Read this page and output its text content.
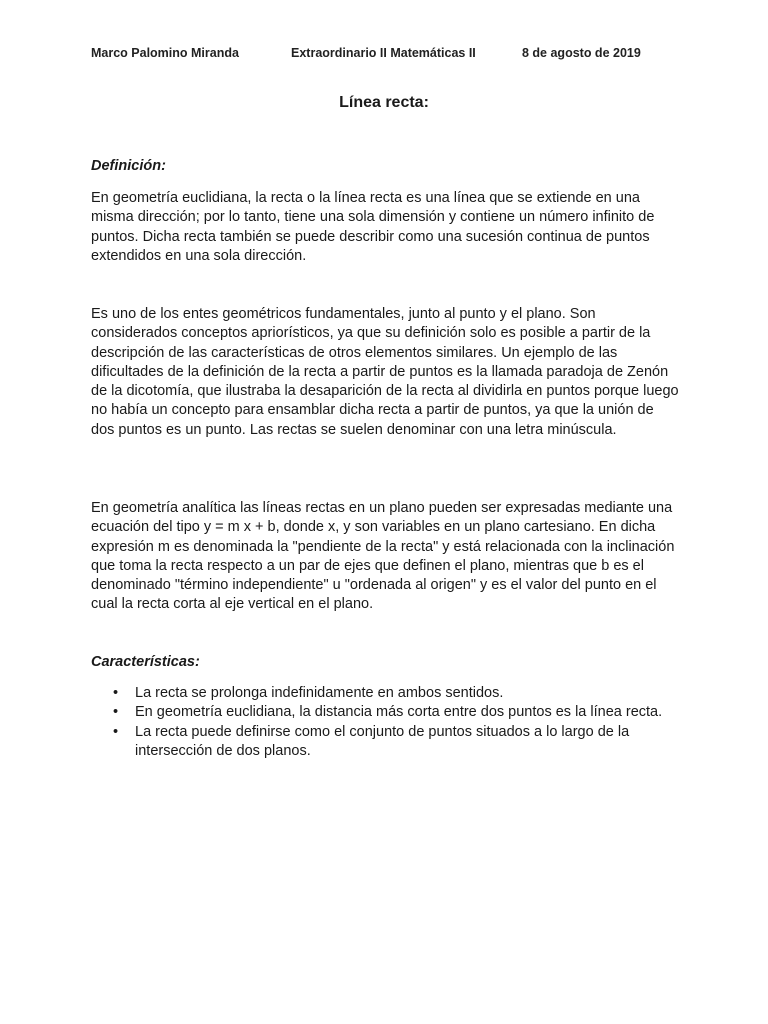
Marco Palomino Miranda	Extraordinario II Matemáticas II	8 de agosto de 2019
Línea recta:
Definición:

En geometría euclidiana, la recta o la línea recta es una línea que se extiende en una misma dirección; por lo tanto, tiene una sola dimensión y contiene un número infinito de puntos. Dicha recta también se puede describir como una sucesión continua de puntos extendidos en una sola dirección.

Es uno de los entes geométricos fundamentales, junto al punto y el plano. Son considerados conceptos apriorísticos, ya que su definición solo es posible a partir de la descripción de las características de otros elementos similares. Un ejemplo de las dificultades de la definición de la recta a partir de puntos es la llamada paradoja de Zenón de la dicotomía, que ilustraba la desaparición de la recta al dividirla en puntos porque luego no había un concepto para ensamblar dicha recta a partir de puntos, ya que la unión de dos puntos es un punto. Las rectas se suelen denominar con una letra minúscula.

En geometría analítica las líneas rectas en un plano pueden ser expresadas mediante una ecuación del tipo y = m x + b, donde x, y son variables en un plano cartesiano. En dicha expresión m es denominada la "pendiente de la recta" y está relacionada con la inclinación que toma la recta respecto a un par de ejes que definen el plano, mientras que b es el denominado "término independiente" u "ordenada al origen" y es el valor del punto en el cual la recta corta al eje vertical en el plano.

Características:
• La recta se prolonga indefinidamente en ambos sentidos.
• En geometría euclidiana, la distancia más corta entre dos puntos es la línea recta.
• La recta puede definirse como el conjunto de puntos situados a lo largo de la intersección de dos planos.
